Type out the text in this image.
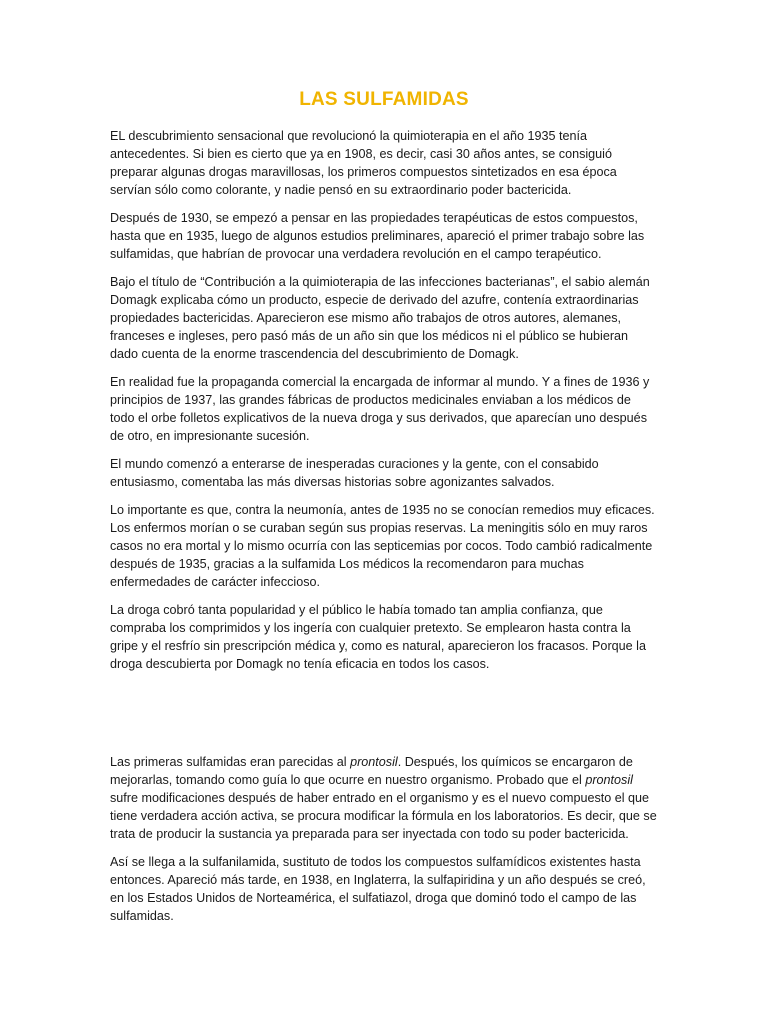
LAS SULFAMIDAS

EL descubrimiento sensacional que revolucionó la quimioterapia en el año 1935 tenía antecedentes. Si bien es cierto que ya en 1908, es decir, casi 30 años antes, se consiguió preparar algunas drogas maravillosas, los primeros compuestos sintetizados en esa época servían sólo como colorante, y nadie pensó en su extraordinario poder bactericida.

Después de 1930, se empezó a pensar en las propiedades terapéuticas de estos compuestos, hasta que en 1935, luego de algunos estudios preliminares, apareció el primer trabajo sobre las sulfamidas, que habrían de provocar una verdadera revolución en el campo terapéutico.

Bajo el título de “Contribución a la quimioterapia de las infecciones bacterianas”, el sabio alemán Domagk explicaba cómo un producto, especie de derivado del azufre, contenía extraordinarias propiedades bactericidas. Aparecieron ese mismo año trabajos de otros autores, alemanes, franceses e ingleses, pero pasó más de un año sin que los médicos ni el público se hubieran dado cuenta de la enorme trascendencia del descubrimiento de Domagk.

En realidad fue la propaganda comercial la encargada de informar al mundo. Y a fines de 1936 y principios de 1937, las grandes fábricas de productos medicinales enviaban a los médicos de todo el orbe folletos explicativos de la nueva droga y sus derivados, que aparecían uno después de otro, en impresionante sucesión.

El mundo comenzó a enterarse de inesperadas curaciones y la gente, con el consabido entusiasmo, comentaba las más diversas historias sobre agonizantes salvados.

Lo importante es que, contra la neumonía, antes de 1935 no se conocían remedios muy eficaces. Los enfermos morían o se curaban según sus propias reservas. La meningitis sólo en muy raros casos no era mortal y lo mismo ocurría con las septicemias por cocos. Todo cambió radicalmente después de 1935, gracias a la sulfamida Los médicos la recomendaron para muchas enfermedades de carácter infeccioso.

La droga cobró tanta popularidad y el público le había tomado tan amplia confianza, que compraba los comprimidos y los ingería con cualquier pretexto. Se emplearon hasta contra la gripe y el resfrío sin prescripción médica y, como es natural, aparecieron los fracasos. Porque la droga descubierta por Domagk no tenía eficacia en todos los casos.

Las primeras sulfamidas eran parecidas al prontosil. Después, los químicos se encargaron de mejorarlas, tomando como guía lo que ocurre en nuestro organismo. Probado que el prontosil sufre modificaciones después de haber entrado en el organismo y es el nuevo compuesto el que tiene verdadera acción activa, se procura modificar la fórmula en los laboratorios. Es decir, que se trata de producir la sustancia ya preparada para ser inyectada con todo su poder bactericida.

Así se llega a la sulfanilamida, sustituto de todos los compuestos sulfamídicos existentes hasta entonces. Apareció más tarde, en 1938, en Inglaterra, la sulfapiridina y un año después se creó, en los Estados Unidos de Norteamérica, el sulfatiazol, droga que dominó todo el campo de las sulfamidas.
